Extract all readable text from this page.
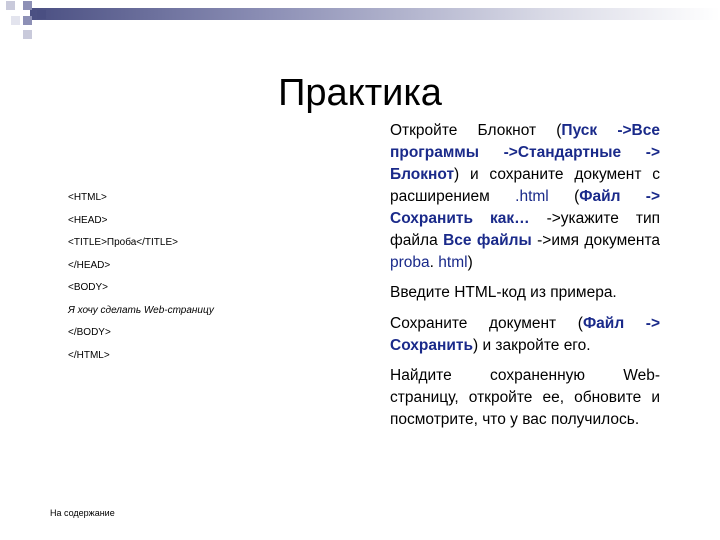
Практика
<HTML>
<HEAD>
<TITLE>Проба</TITLE>
</HEAD>
<BODY>
Я хочу сделать Web-страницу
</BODY>
</HTML>

Откройте Блокнот (Пуск ->Все программы ->Стандартные -> Блокнот) и сохраните документ с расширением .html (Файл -> Сохранить как… ->укажите тип файла Все файлы ->имя документа proba. html)

Введите HTML-код из примера.

Сохраните документ (Файл -> Сохранить) и закройте его.

Найдите сохраненную Web-страницу, откройте ее, обновите и посмотрите, что у вас получилось.

На содержание
